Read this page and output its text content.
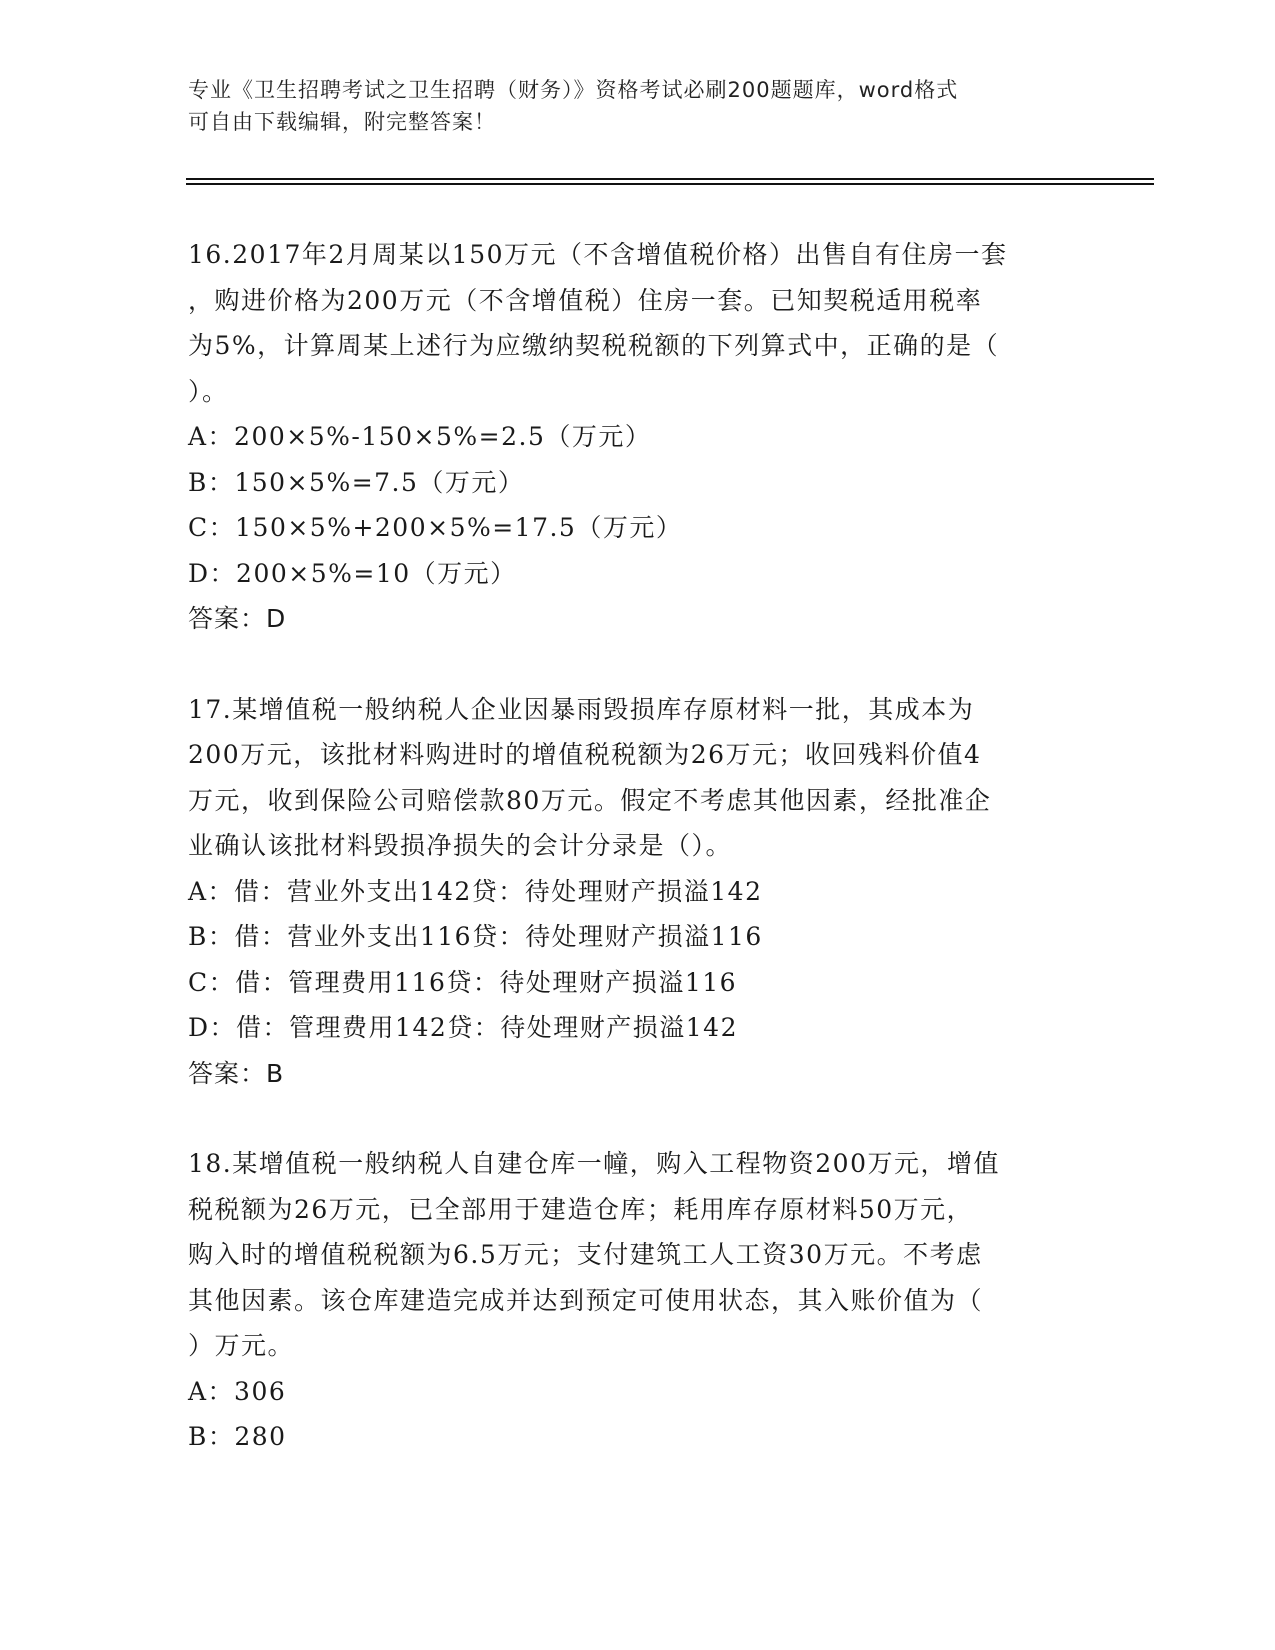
专业《卫生招聘考试之卫生招聘（财务）》资格考试必刷200题题库，word格式

可自由下载编辑，附完整答案！

16.2017年2月周某以150万元（不含增值税价格）出售自有住房一套
，购进价格为200万元（不含增值税）住房一套。已知契税适用税率
为5%，计算周某上述行为应缴纳契税税额的下列算式中，正确的是（
）。
A：200×5%-150×5%=2.5（万元）
B：150×5%=7.5（万元）
C：150×5%+200×5%=17.5（万元）
D：200×5%=10（万元）
答案：D
17.某增值税一般纳税人企业因暴雨毁损库存原材料一批，其成本为
200万元，该批材料购进时的增值税税额为26万元；收回残料价值4
万元，收到保险公司赔偿款80万元。假定不考虑其他因素，经批准企
业确认该批材料毁损净损失的会计分录是（）。
A：借：营业外支出142贷：待处理财产损溢142
B：借：营业外支出116贷：待处理财产损溢116
C：借：管理费用116贷：待处理财产损溢116
D：借：管理费用142贷：待处理财产损溢142
答案：B
18.某增值税一般纳税人自建仓库一幢，购入工程物资200万元，增值
税税额为26万元，已全部用于建造仓库；耗用库存原材料50万元，
购入时的增值税税额为6.5万元；支付建筑工人工资30万元。不考虑
其他因素。该仓库建造完成并达到预定可使用状态，其入账价值为（
）万元。
A：306
B：280
